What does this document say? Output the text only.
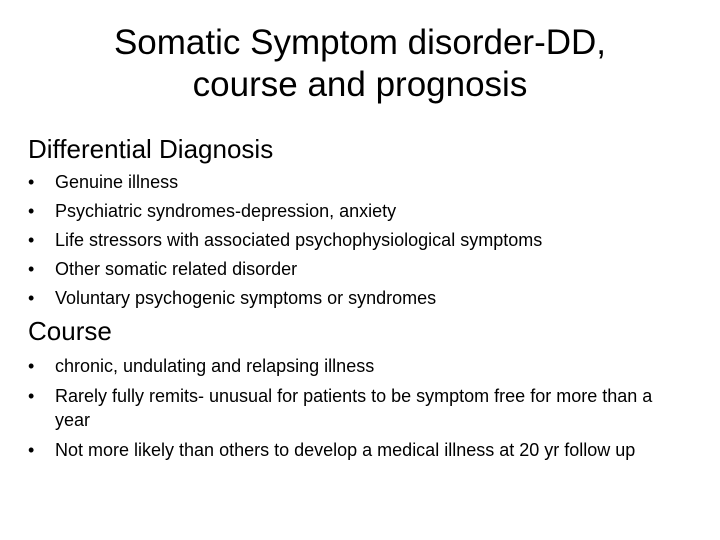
Somatic Symptom disorder-DD,
course and prognosis
Differential Diagnosis
• Genuine illness
• Psychiatric syndromes-depression, anxiety
• Life stressors with associated psychophysiological symptoms
• Other somatic related disorder
• Voluntary psychogenic symptoms or syndromes
Course
• chronic, undulating and relapsing illness
• Rarely fully remits- unusual for patients to be symptom free for more than a year
• Not more likely than others to develop a medical illness at 20 yr follow up
